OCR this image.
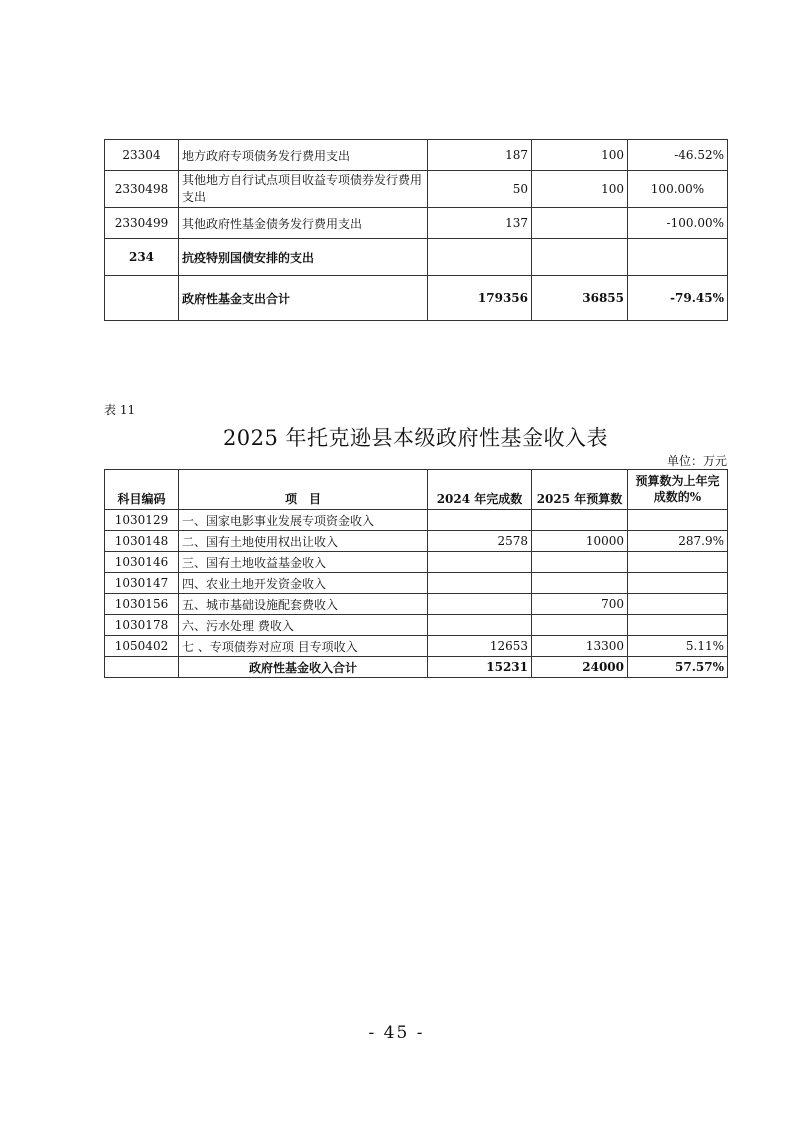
23304	地方政府专项债务发行费用支出	187	100	-46.52%
2330498	其他地方自行试点项目收益专项债券发行费用支出	50	100	100.00%
2330499	其他政府性基金债务发行费用支出	137		-100.00%
234	抗疫特别国债安排的支出			
	政府性基金支出合计	179356	36855	-79.45%
表 11
2025 年托克逊县本级政府性基金收入表
单位：万元
科目编码	项　目	2024 年完成数	2025 年预算数	预算数为上年完成数的%
1030129	一、国家电影事业发展专项资金收入			
1030148	二、国有土地使用权出让收入	2578	10000	287.9%
1030146	三、国有土地收益基金收入			
1030147	四、农业土地开发资金收入			
1030156	五、城市基础设施配套费收入		700	
1030178	六、污水处理 费收入			
1050402	七 、专项债券对应项 目专项收入	12653	13300	5.11%
	政府性基金收入合计	15231	24000	57.57%
- 45 -
